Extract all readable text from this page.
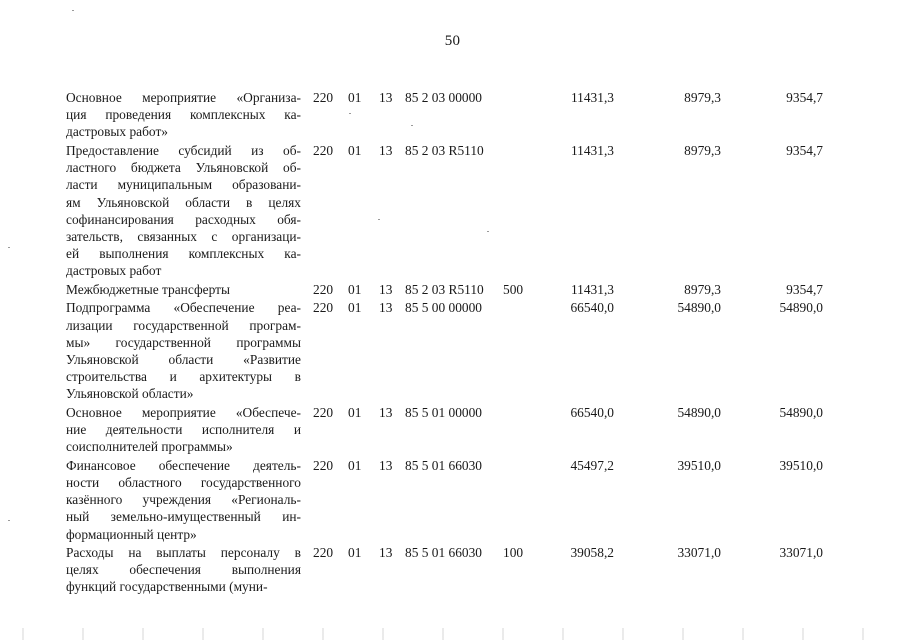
50
Основное мероприятие «Организа-
ция проведения комплексных ка-
дастровых работ»
220 01 13 85 2 03 00000	11431,3	8979,3	9354,7
Предоставление субсидий из об-
ластного бюджета Ульяновской об-
ласти муниципальным образовани-
ям Ульяновской области в целях
софинансирования расходных обя-
зательств, связанных с организаци-
ей выполнения комплексных ка-
дастровых работ
220 01 13 85 2 03 R5110	11431,3	8979,3	9354,7
Межбюджетные трансферты	220 01 13 85 2 03 R5110 500	11431,3	8979,3	9354,7
Подпрограмма «Обеспечение реа-
лизации государственной програм-
мы» государственной программы
Ульяновской области «Развитие
строительства и архитектуры в
Ульяновской области»
220 01 13 85 5 00 00000	66540,0	54890,0	54890,0
Основное мероприятие «Обеспече-
ние деятельности исполнителя и
соисполнителей программы»
220 01 13 85 5 01 00000	66540,0	54890,0	54890,0
Финансовое обеспечение деятель-
ности областного государственного
казённого учреждения «Региональ-
ный земельно-имущественный ин-
формационный центр»
220 01 13 85 5 01 66030	45497,2	39510,0	39510,0
Расходы на выплаты персоналу в
целях обеспечения выполнения
функций государственными (муни-
220 01 13 85 5 01 66030 100	39058,2	33071,0	33071,0
